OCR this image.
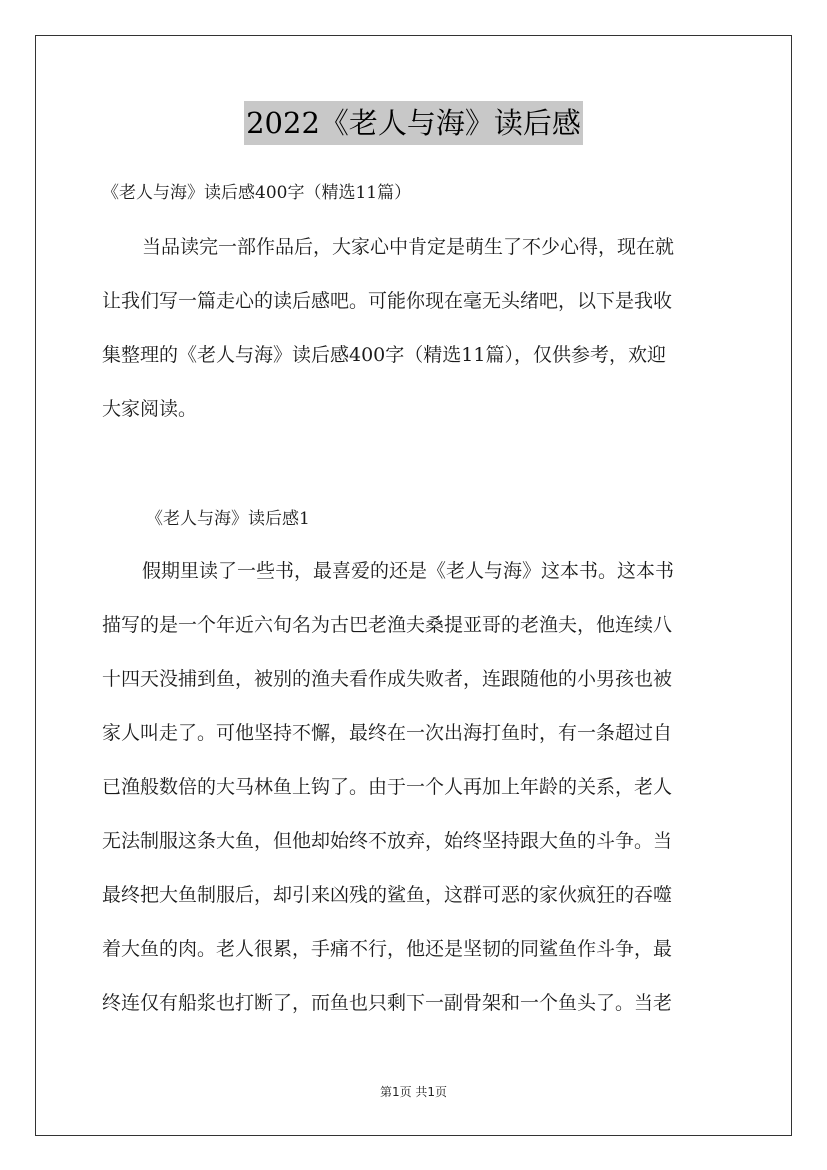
2022《老人与海》读后感
《老人与海》读后感400字（精选11篇）
当品读完一部作品后，大家心中肯定是萌生了不少心得，现在就
让我们写一篇走心的读后感吧。可能你现在毫无头绪吧，以下是我收
集整理的《老人与海》读后感400字（精选11篇），仅供参考，欢迎
大家阅读。
《老人与海》读后感1
假期里读了一些书，最喜爱的还是《老人与海》这本书。这本书
描写的是一个年近六旬名为古巴老渔夫桑提亚哥的老渔夫，他连续八
十四天没捕到鱼，被别的渔夫看作成失败者，连跟随他的小男孩也被
家人叫走了。可他坚持不懈，最终在一次出海打鱼时，有一条超过自
已渔般数倍的大马林鱼上钩了。由于一个人再加上年龄的关系，老人
无法制服这条大鱼，但他却始终不放弃，始终坚持跟大鱼的斗争。当
最终把大鱼制服后，却引来凶残的鲨鱼，这群可恶的家伙疯狂的吞噬
着大鱼的肉。老人很累，手痛不行，他还是坚韧的同鲨鱼作斗争，最
终连仅有船浆也打断了，而鱼也只剩下一副骨架和一个鱼头了。当老
第1页 共1页
